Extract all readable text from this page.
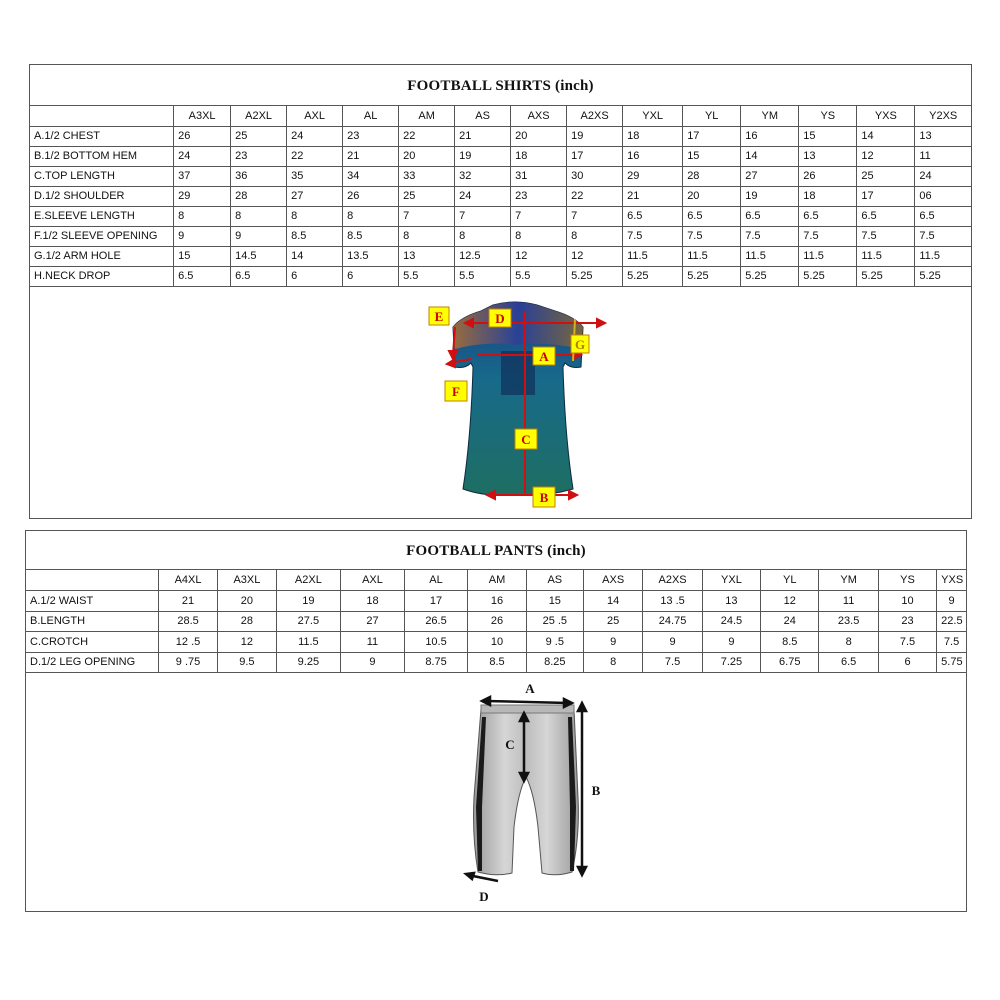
FOOTBALL SHIRTS (inch)
	A3XL	A2XL	AXL	AL	AM	AS	AXS	A2XS	YXL	YL	YM	YS	YXS	Y2XS
A.1/2 CHEST	26	25	24	23	22	21	20	19	18	17	16	15	14	13
B.1/2 BOTTOM HEM	24	23	22	21	20	19	18	17	16	15	14	13	12	11
C.TOP LENGTH	37	36	35	34	33	32	31	30	29	28	27	26	25	24
D.1/2 SHOULDER	29	28	27	26	25	24	23	22	21	20	19	18	17	06
E.SLEEVE LENGTH	8	8	8	8	7	7	7	7	6.5	6.5	6.5	6.5	6.5	6.5
F.1/2 SLEEVE OPENING	9	9	8.5	8.5	8	8	8	8	7.5	7.5	7.5	7.5	7.5	7.5
G.1/2 ARM HOLE	15	14.5	14	13.5	13	12.5	12	12	11.5	11.5	11.5	11.5	11.5	11.5
H.NECK DROP	6.5	6.5	6	6	5.5	5.5	5.5	5.25	5.25	5.25	5.25	5.25	5.25	5.25
E	D
G
A
F
C
B
FOOTBALL PANTS (inch)
	A4XL	A3XL	A2XL	AXL	AL	AM	AS	AXS	A2XS	YXL	YL	YM	YS	YXS
A.1/2 WAIST	21	20	19	18	17	16	15	14	13 .5	13	12	11	10	9
B.LENGTH	28.5	28	27.5	27	26.5	26	25 .5	25	24.75	24.5	24	23.5	23	22.5
C.CROTCH	12 .5	12	11.5	11	10.5	10	9 .5	9	9	9	8.5	8	7.5	7.5
D.1/2 LEG OPENING	9 .75	9.5	9.25	9	8.75	8.5	8.25	8	7.5	7.25	6.75	6.5	6	5.75
A
C
B
D
